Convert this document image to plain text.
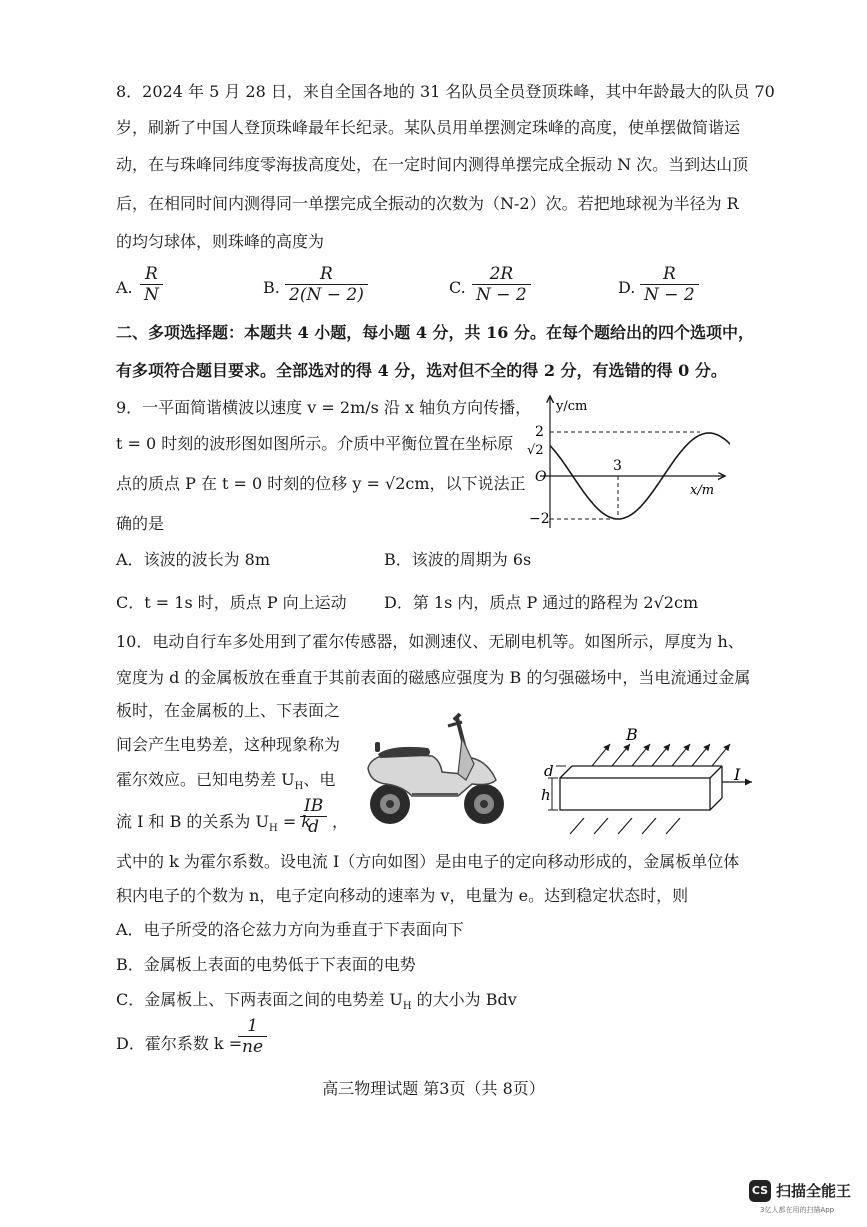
8．2024 年 5 月 28 日，来自全国各地的 31 名队员全员登顶珠峰，其中年龄最大的队员 70
岁，刷新了中国人登顶珠峰最年长纪录。某队员用单摆测定珠峰的高度，使单摆做简谐运
动，在与珠峰同纬度零海拔高度处，在一定时间内测得单摆完成全振动 N 次。当到达山顶
后，在相同时间内测得同一单摆完成全振动的次数为（N-2）次。若把地球视为半径为 R
的均匀球体，则珠峰的高度为
A. $\frac{R}{N}$	B. $\frac{R}{2(N - 2)}$	C. $\frac{2R}{N - 2}$	D. $\frac{R}{N - 2}$
二、多项选择题：本题共 4 小题，每小题 4 分，共 16 分。在每个题给出的四个选项中，
有多项符合题目要求。全部选对的得 4 分，选对但不全的得 2 分，有选错的得 0 分。
9．一平面简谐横波以速度 v = 2m/s 沿 x 轴负方向传播，
t = 0 时刻的波形图如图所示。介质中平衡位置在坐标原
点的质点 P 在 t = 0 时刻的位移 y = √2cm，以下说法正
确的是
y/cm
x/m
2
√2
O
−2
3
A．该波的波长为 8m	B．该波的周期为 6s
C．t = 1s 时，质点 P 向上运动 D．第 1s 内，质点 P 通过的路程为 2√2cm
10．电动自行车多处用到了霍尔传感器，如测速仪、无刷电机等。如图所示，厚度为 h、
宽度为 d 的金属板放在垂直于其前表面的磁感应强度为 B 的匀强磁场中，当电流通过金属
板时，在金属板的上、下表面之
间会产生电势差，这种现象称为
霍尔效应。已知电势差 $U_H$、电
流 I 和 B 的关系为 $U_H = k$
$\frac{IB}{d}$ ，
B
I
d
h
式中的 k 为霍尔系数。设电流 I（方向如图）是由电子的定向移动形成的，金属板单位体
积内电子的个数为 n，电子定向移动的速率为 v，电量为 e。达到稳定状态时，则
A．电子所受的洛仑兹力方向为垂直于下表面向下
B．金属板上表面的电势低于下表面的电势
C．金属板上、下两表面之间的电势差 $U_H$ 的大小为 Bdv
D．霍尔系数 k =
$\frac{1}{ne}$
高三物理试题 第3页（共 8页）
CS 扫描全能王
3亿人都在用的扫描App
